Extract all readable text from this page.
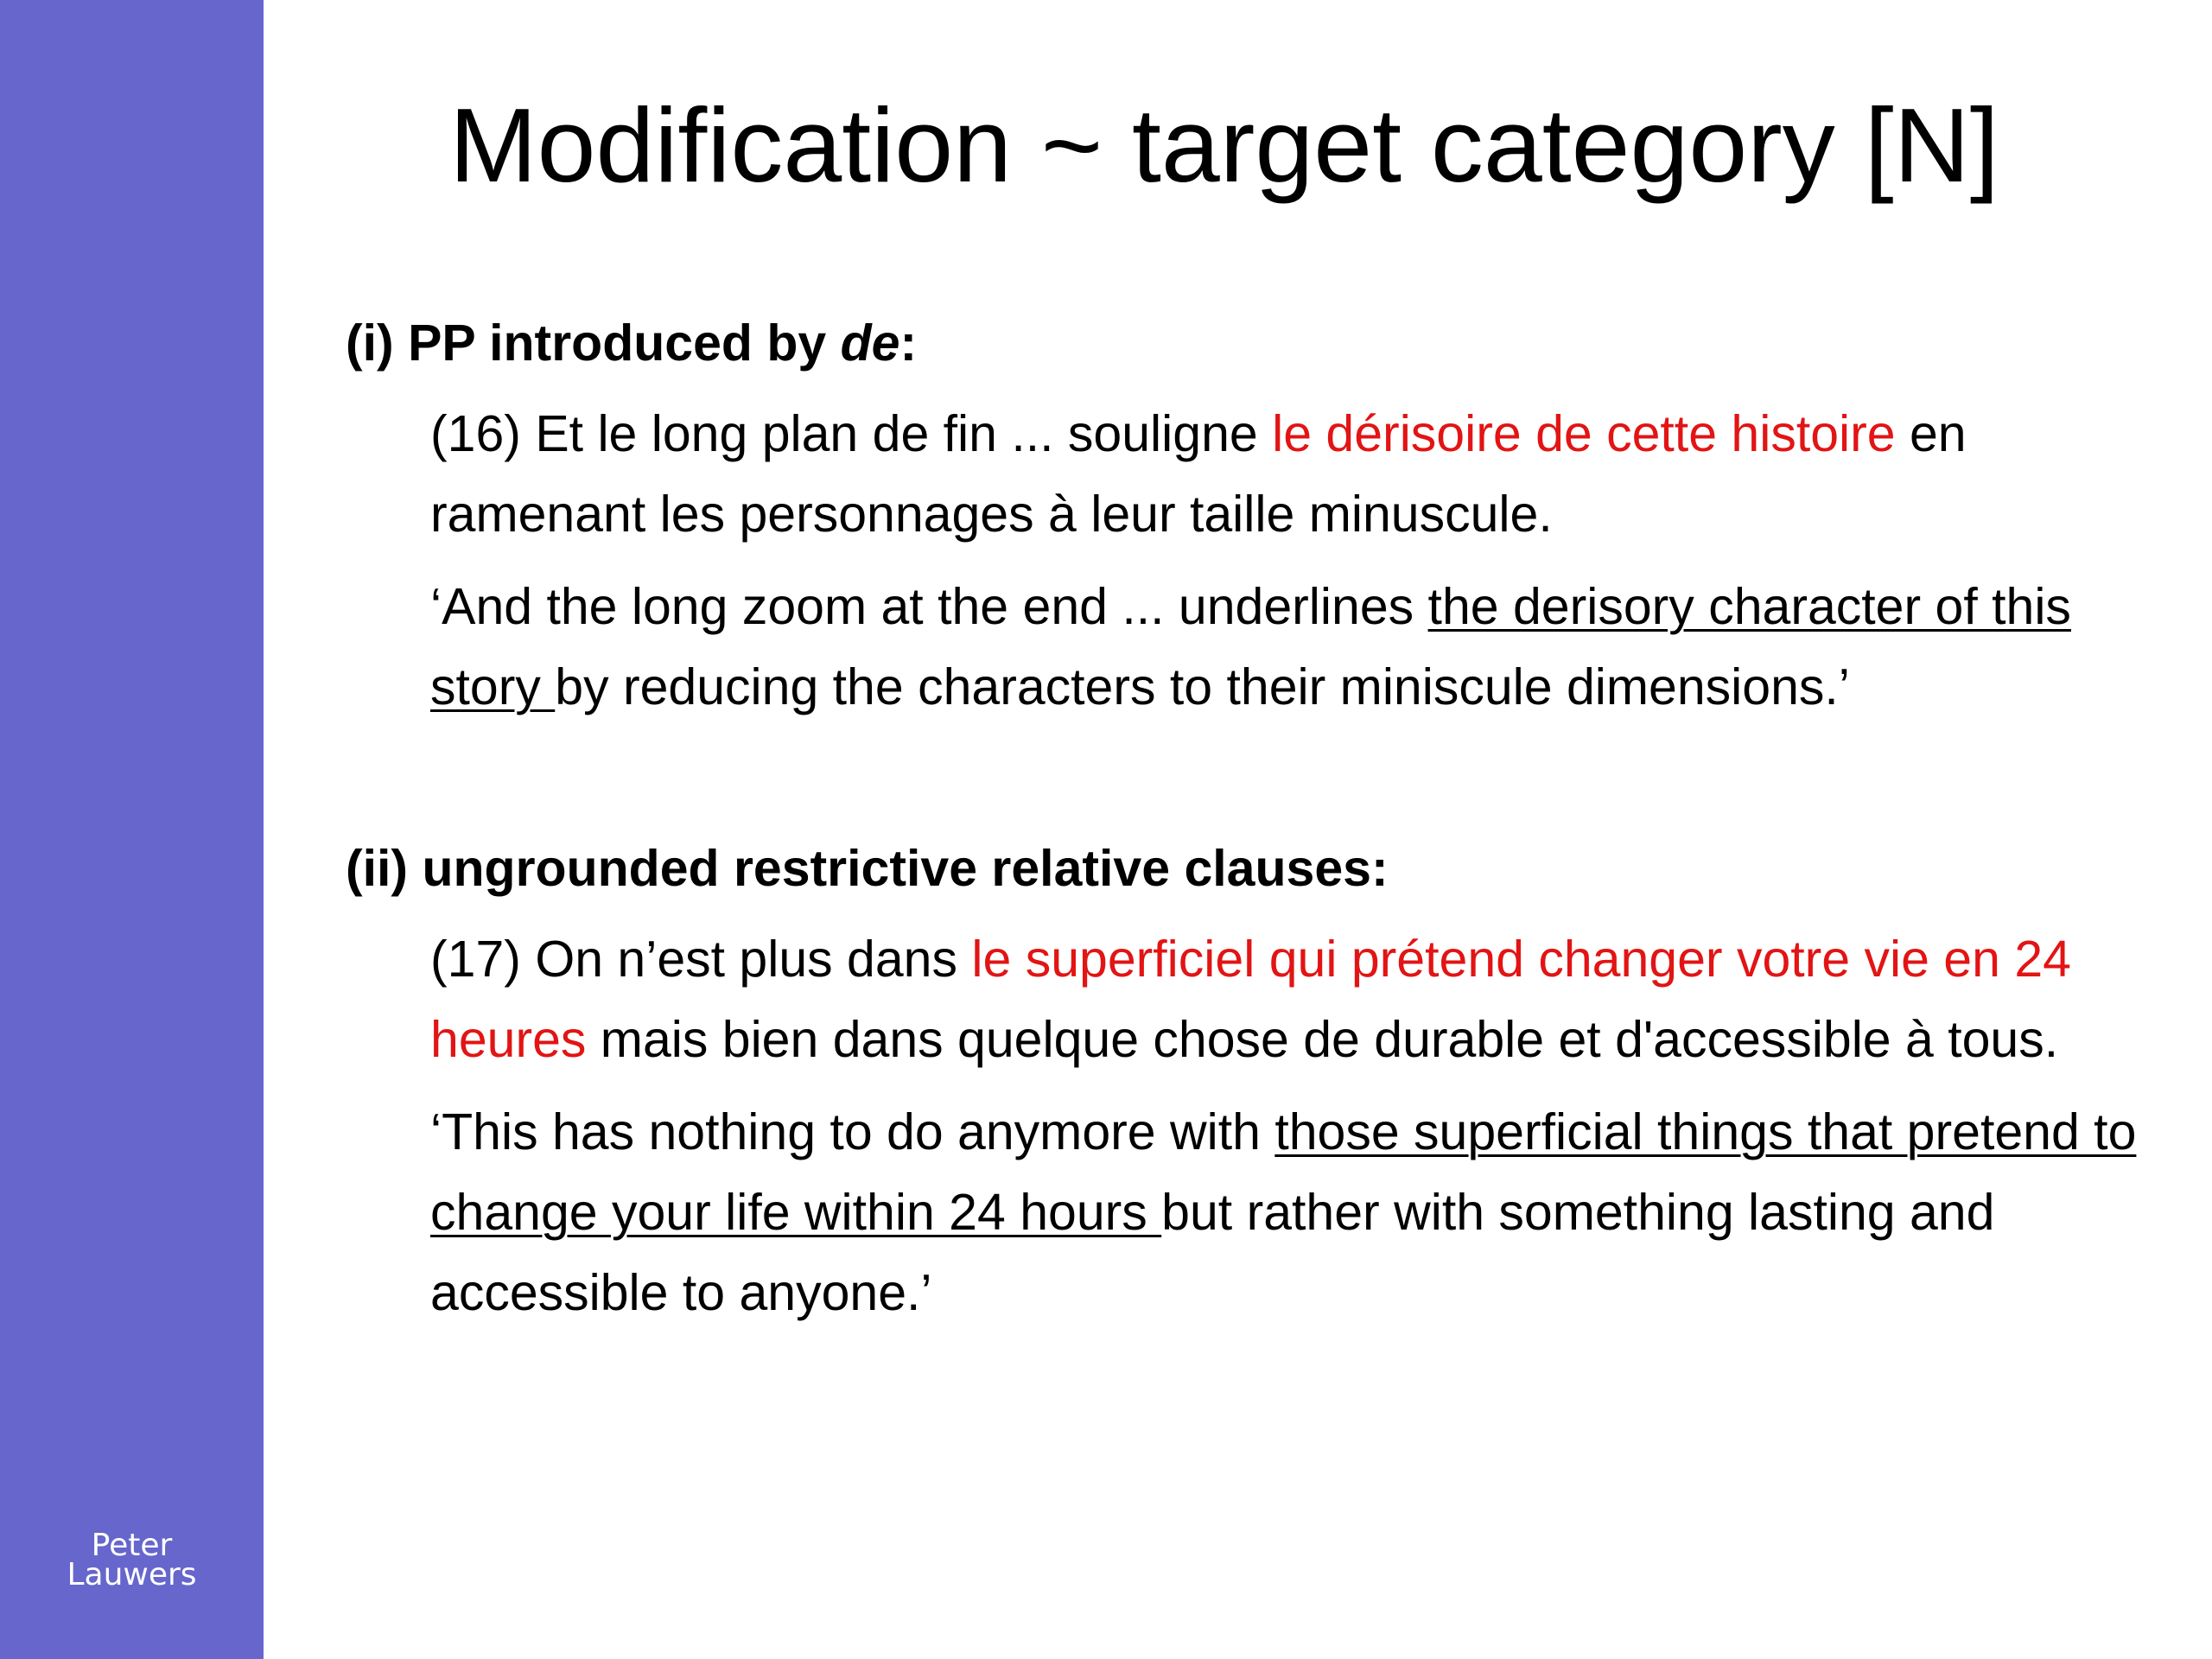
Peter
Lauwers
Modification ~ target category [N]
(i) PP introduced by de:

(16) Et le long plan de fin ... souligne le dérisoire de cette histoire en ramenant les personnages à leur taille minuscule.

‘And the long zoom at the end ... underlines the derisory character of this story by reducing the characters to their miniscule dimensions.’

(ii) ungrounded restrictive relative clauses:

(17) On n’est plus dans le superficiel qui prétend changer votre vie en 24 heures mais bien dans quelque chose de durable et d'accessible à tous.

‘This has nothing to do anymore with those superficial things that pretend to change your life within 24 hours but rather with something lasting and accessible to anyone.’
